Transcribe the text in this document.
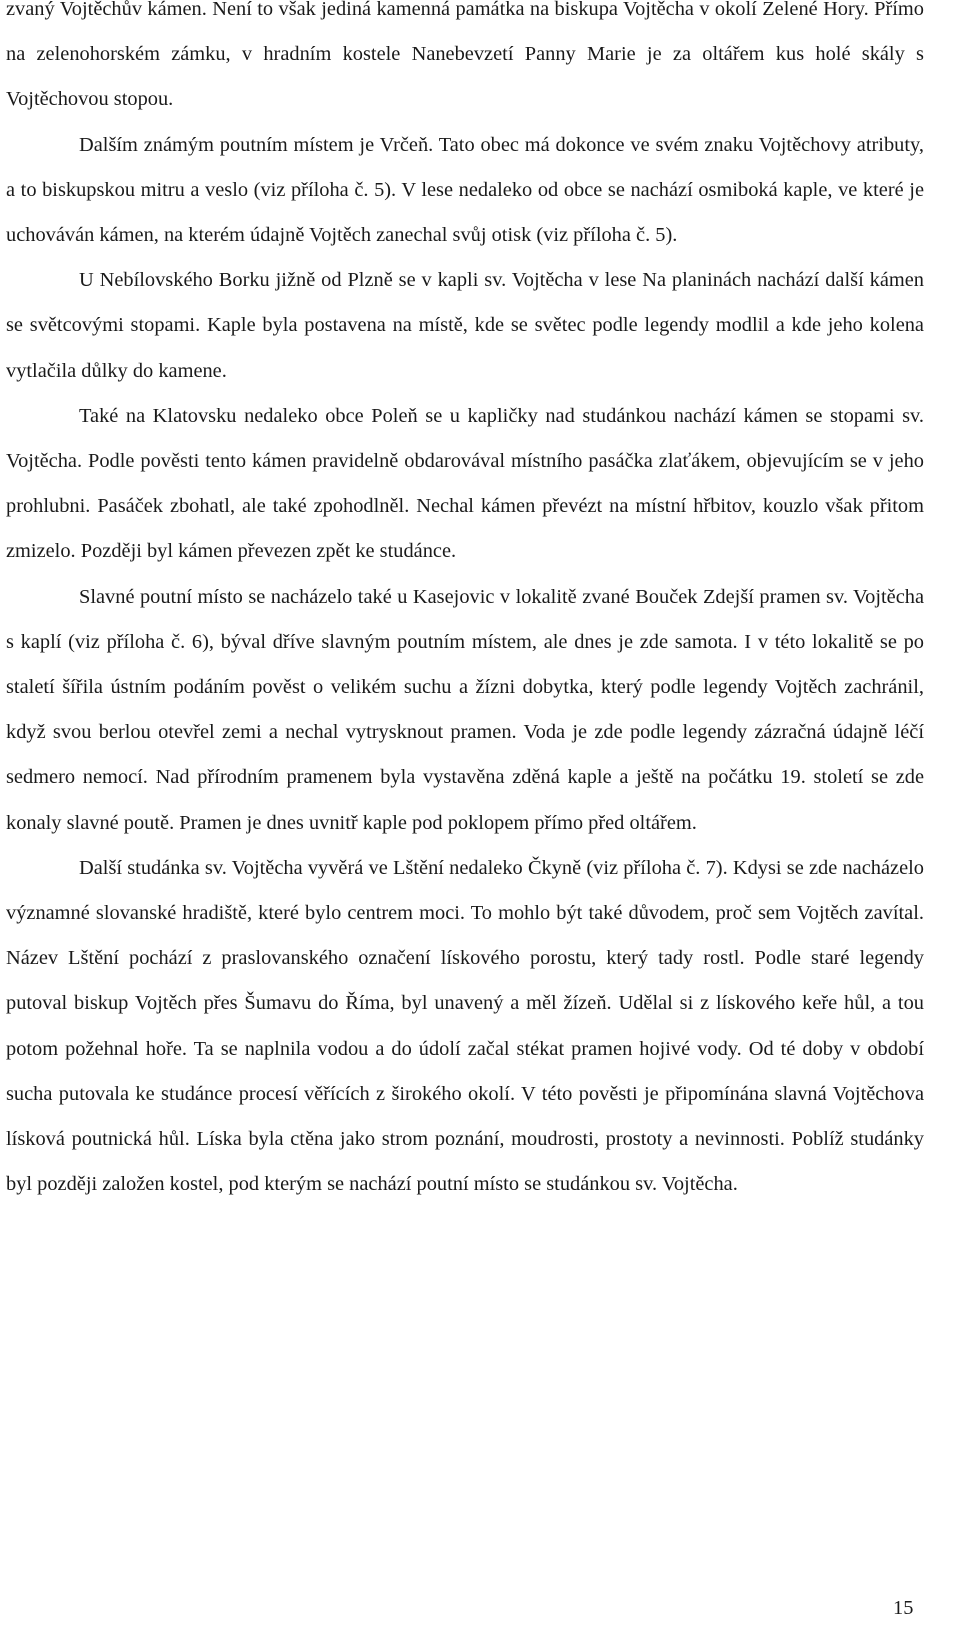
zvaný Vojtěchův kámen. Není to však jediná kamenná památka na biskupa Vojtěcha v okolí Zelené Hory. Přímo na zelenohorském zámku, v hradním kostele Nanebevzetí Panny Marie je za oltářem kus holé skály s Vojtěchovou stopou.

Dalším známým poutním místem je Vrčeň. Tato obec má dokonce ve svém znaku Vojtěchovy atributy, a to biskupskou mitru a veslo (viz příloha č. 5). V lese nedaleko od obce se nachází osmiboká kaple, ve které je uchováván kámen, na kterém údajně Vojtěch zanechal svůj otisk (viz příloha č. 5).

U Nebílovského Borku jižně od Plzně se v kapli sv. Vojtěcha v lese Na planinách nachází další kámen se světcovými stopami. Kaple byla postavena na místě, kde se světec podle legendy modlil a kde jeho kolena vytlačila důlky do kamene.

Také na Klatovsku nedaleko obce Poleň se u kapličky nad studánkou nachází kámen se stopami sv. Vojtěcha. Podle pověsti tento kámen pravidelně obdarovával místního pasáčka zlaťákem, objevujícím se v jeho prohlubni. Pasáček zbohatl, ale také zpohodlněl. Nechal kámen převézt na místní hřbitov, kouzlo však přitom zmizelo. Později byl kámen převezen zpět ke studánce.

Slavné poutní místo se nacházelo také u Kasejovic v lokalitě zvané Bouček Zdejší pramen sv. Vojtěcha s kaplí (viz příloha č. 6), býval dříve slavným poutním místem, ale dnes je zde samota. I v této lokalitě se po staletí šířila ústním podáním pověst o velikém suchu a žízni dobytka, který podle legendy Vojtěch zachránil, když svou berlou otevřel zemi a nechal vytrysknout pramen. Voda je zde podle legendy zázračná údajně léčí sedmero nemocí. Nad přírodním pramenem byla vystavěna zděná kaple a ještě na počátku 19. století se zde konaly slavné poutě. Pramen je dnes uvnitř kaple pod poklopem přímo před oltářem.

Další studánka sv. Vojtěcha vyvěrá ve Lštění nedaleko Čkyně (viz příloha č. 7). Kdysi se zde nacházelo významné slovanské hradiště, které bylo centrem moci. To mohlo být také důvodem, proč sem Vojtěch zavítal. Název Lštění pochází z praslovanského označení lískového porostu, který tady rostl. Podle staré legendy putoval biskup Vojtěch přes Šumavu do Říma, byl unavený a měl žízeň. Udělal si z lískového keře hůl, a tou potom požehnal hoře. Ta se naplnila vodou a do údolí začal stékat pramen hojivé vody. Od té doby v období sucha putovala ke studánce procesí věřících z širokého okolí. V této pověsti je připomínána slavná Vojtěchova lísková poutnická hůl. Líska byla ctěna jako strom poznání, moudrosti, prostoty a nevinnosti. Poblíž studánky byl později založen kostel, pod kterým se nachází poutní místo se studánkou sv. Vojtěcha.

15
